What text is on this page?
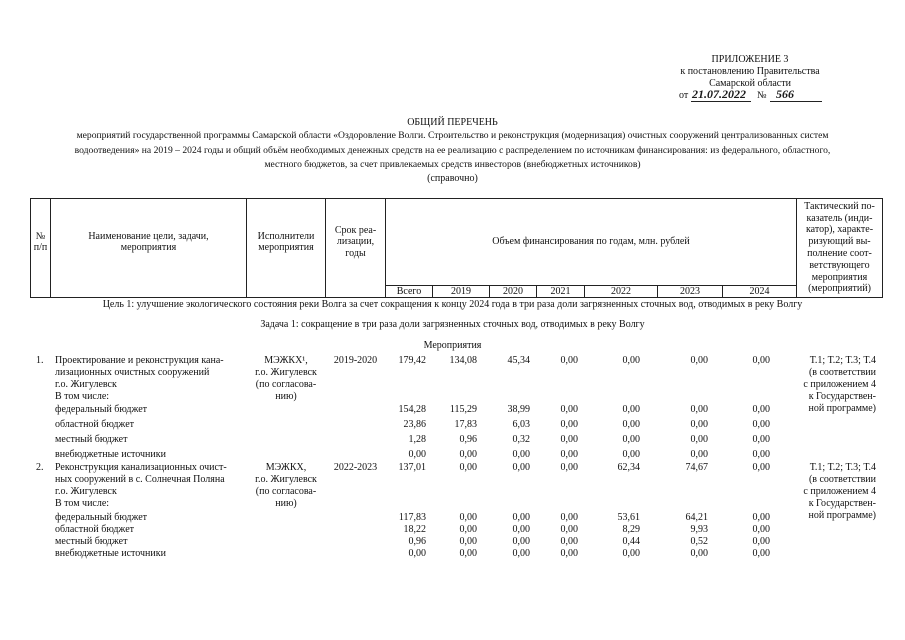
ПРИЛОЖЕНИЕ 3
к постановлению Правительства
Самарской области
от 21.07.2022 № 566
ОБЩИЙ ПЕРЕЧЕНЬ
мероприятий государственной программы Самарской области «Оздоровление Волги. Строительство и реконструкция (модернизация) очистных сооружений централизованных систем
водоотведения» на 2019 – 2024 годы и общий объём необходимых денежных средств на ее реализацию с распределением по источникам финансирования: из федерального, областного,
местного бюджетов, за счет привлекаемых средств инвесторов (внебюджетных источников)
(справочно)
№
п/п
Наименование цели, задачи,
мероприятия
Исполнители
мероприятия
Срок реа-
лизации,
годы
Объем финансирования по годам, млн. рублей
Тактический по-
казатель (инди-
катор), характе-
ризующий вы-
полнение соот-
ветствующего
мероприятия
(мероприятий)
Всего	2019	2020	2021	2022	2023	2024
Цель 1: улучшение экологического состояния реки Волга за счет сокращения к концу 2024 года в три раза доли загрязненных сточных вод, отводимых в реку Волгу
Задача 1: сокращение в три раза доли загрязненных сточных вод, отводимых в реку Волгу
Мероприятия
1. Проектирование и реконструкция кана-
лизационных очистных сооружений
г.о. Жигулевск
В том числе:
МЭЖКХ¹,
г.о. Жигулевск
(по согласова-
нию)
2019-2020	179,42	134,08	45,34	0,00	0,00	0,00	0,00	Т.1; Т.2; Т.3; Т.4
(в соответствии
с приложением 4
к Государствен-
ной программе)
федеральный бюджет	154,28	115,29	38,99	0,00	0,00	0,00	0,00
областной бюджет	23,86	17,83	6,03	0,00	0,00	0,00	0,00
местный бюджет	1,28	0,96	0,32	0,00	0,00	0,00	0,00
внебюджетные источники	0,00	0,00	0,00	0,00	0,00	0,00	0,00
2. Реконструкция канализационных очист-
ных сооружений в с. Солнечная Поляна
г.о. Жигулевск
В том числе:
МЭЖКХ,
г.о. Жигулевск
(по согласова-
нию)
2022-2023	137,01	0,00	0,00	0,00	62,34	74,67	0,00	Т.1; Т.2; Т.3; Т.4
(в соответствии
с приложением 4
к Государствен-
ной программе)
федеральный бюджет	117,83	0,00	0,00	0,00	53,61	64,21	0,00
областной бюджет	18,22	0,00	0,00	0,00	8,29	9,93	0,00
местный бюджет	0,96	0,00	0,00	0,00	0,44	0,52	0,00
внебюджетные источники	0,00	0,00	0,00	0,00	0,00	0,00	0,00
